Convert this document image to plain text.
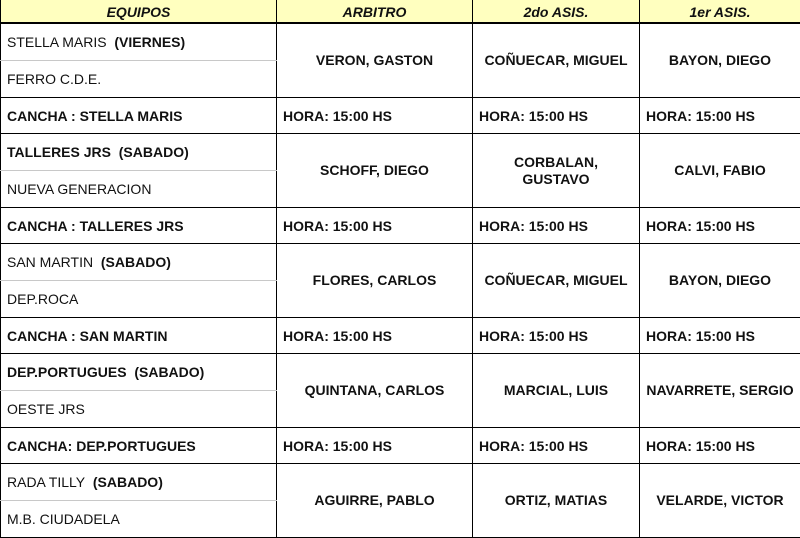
EQUIPOS	ARBITRO	2do ASIS.	1er ASIS.
STELLA MARIS (VIERNES)	VERON, GASTON	COÑUECAR, MIGUEL	BAYON, DIEGO
FERRO C.D.E.			
CANCHA : STELLA MARIS	HORA: 15:00 HS	HORA: 15:00 HS	HORA: 15:00 HS
TALLERES JRS (SABADO)	SCHOFF, DIEGO	CORBALAN, GUSTAVO	CALVI, FABIO
NUEVA GENERACION			
CANCHA : TALLERES JRS	HORA: 15:00 HS	HORA: 15:00 HS	HORA: 15:00 HS
SAN MARTIN (SABADO)	FLORES, CARLOS	COÑUECAR, MIGUEL	BAYON, DIEGO
DEP.ROCA			
CANCHA : SAN MARTIN	HORA: 15:00 HS	HORA: 15:00 HS	HORA: 15:00 HS
DEP.PORTUGUES (SABADO)	QUINTANA, CARLOS	MARCIAL, LUIS	NAVARRETE, SERGIO
OESTE JRS			
CANCHA: DEP.PORTUGUES	HORA: 15:00 HS	HORA: 15:00 HS	HORA: 15:00 HS
RADA TILLY (SABADO)	AGUIRRE, PABLO	ORTIZ, MATIAS	VELARDE, VICTOR
M.B. CIUDADELA			
